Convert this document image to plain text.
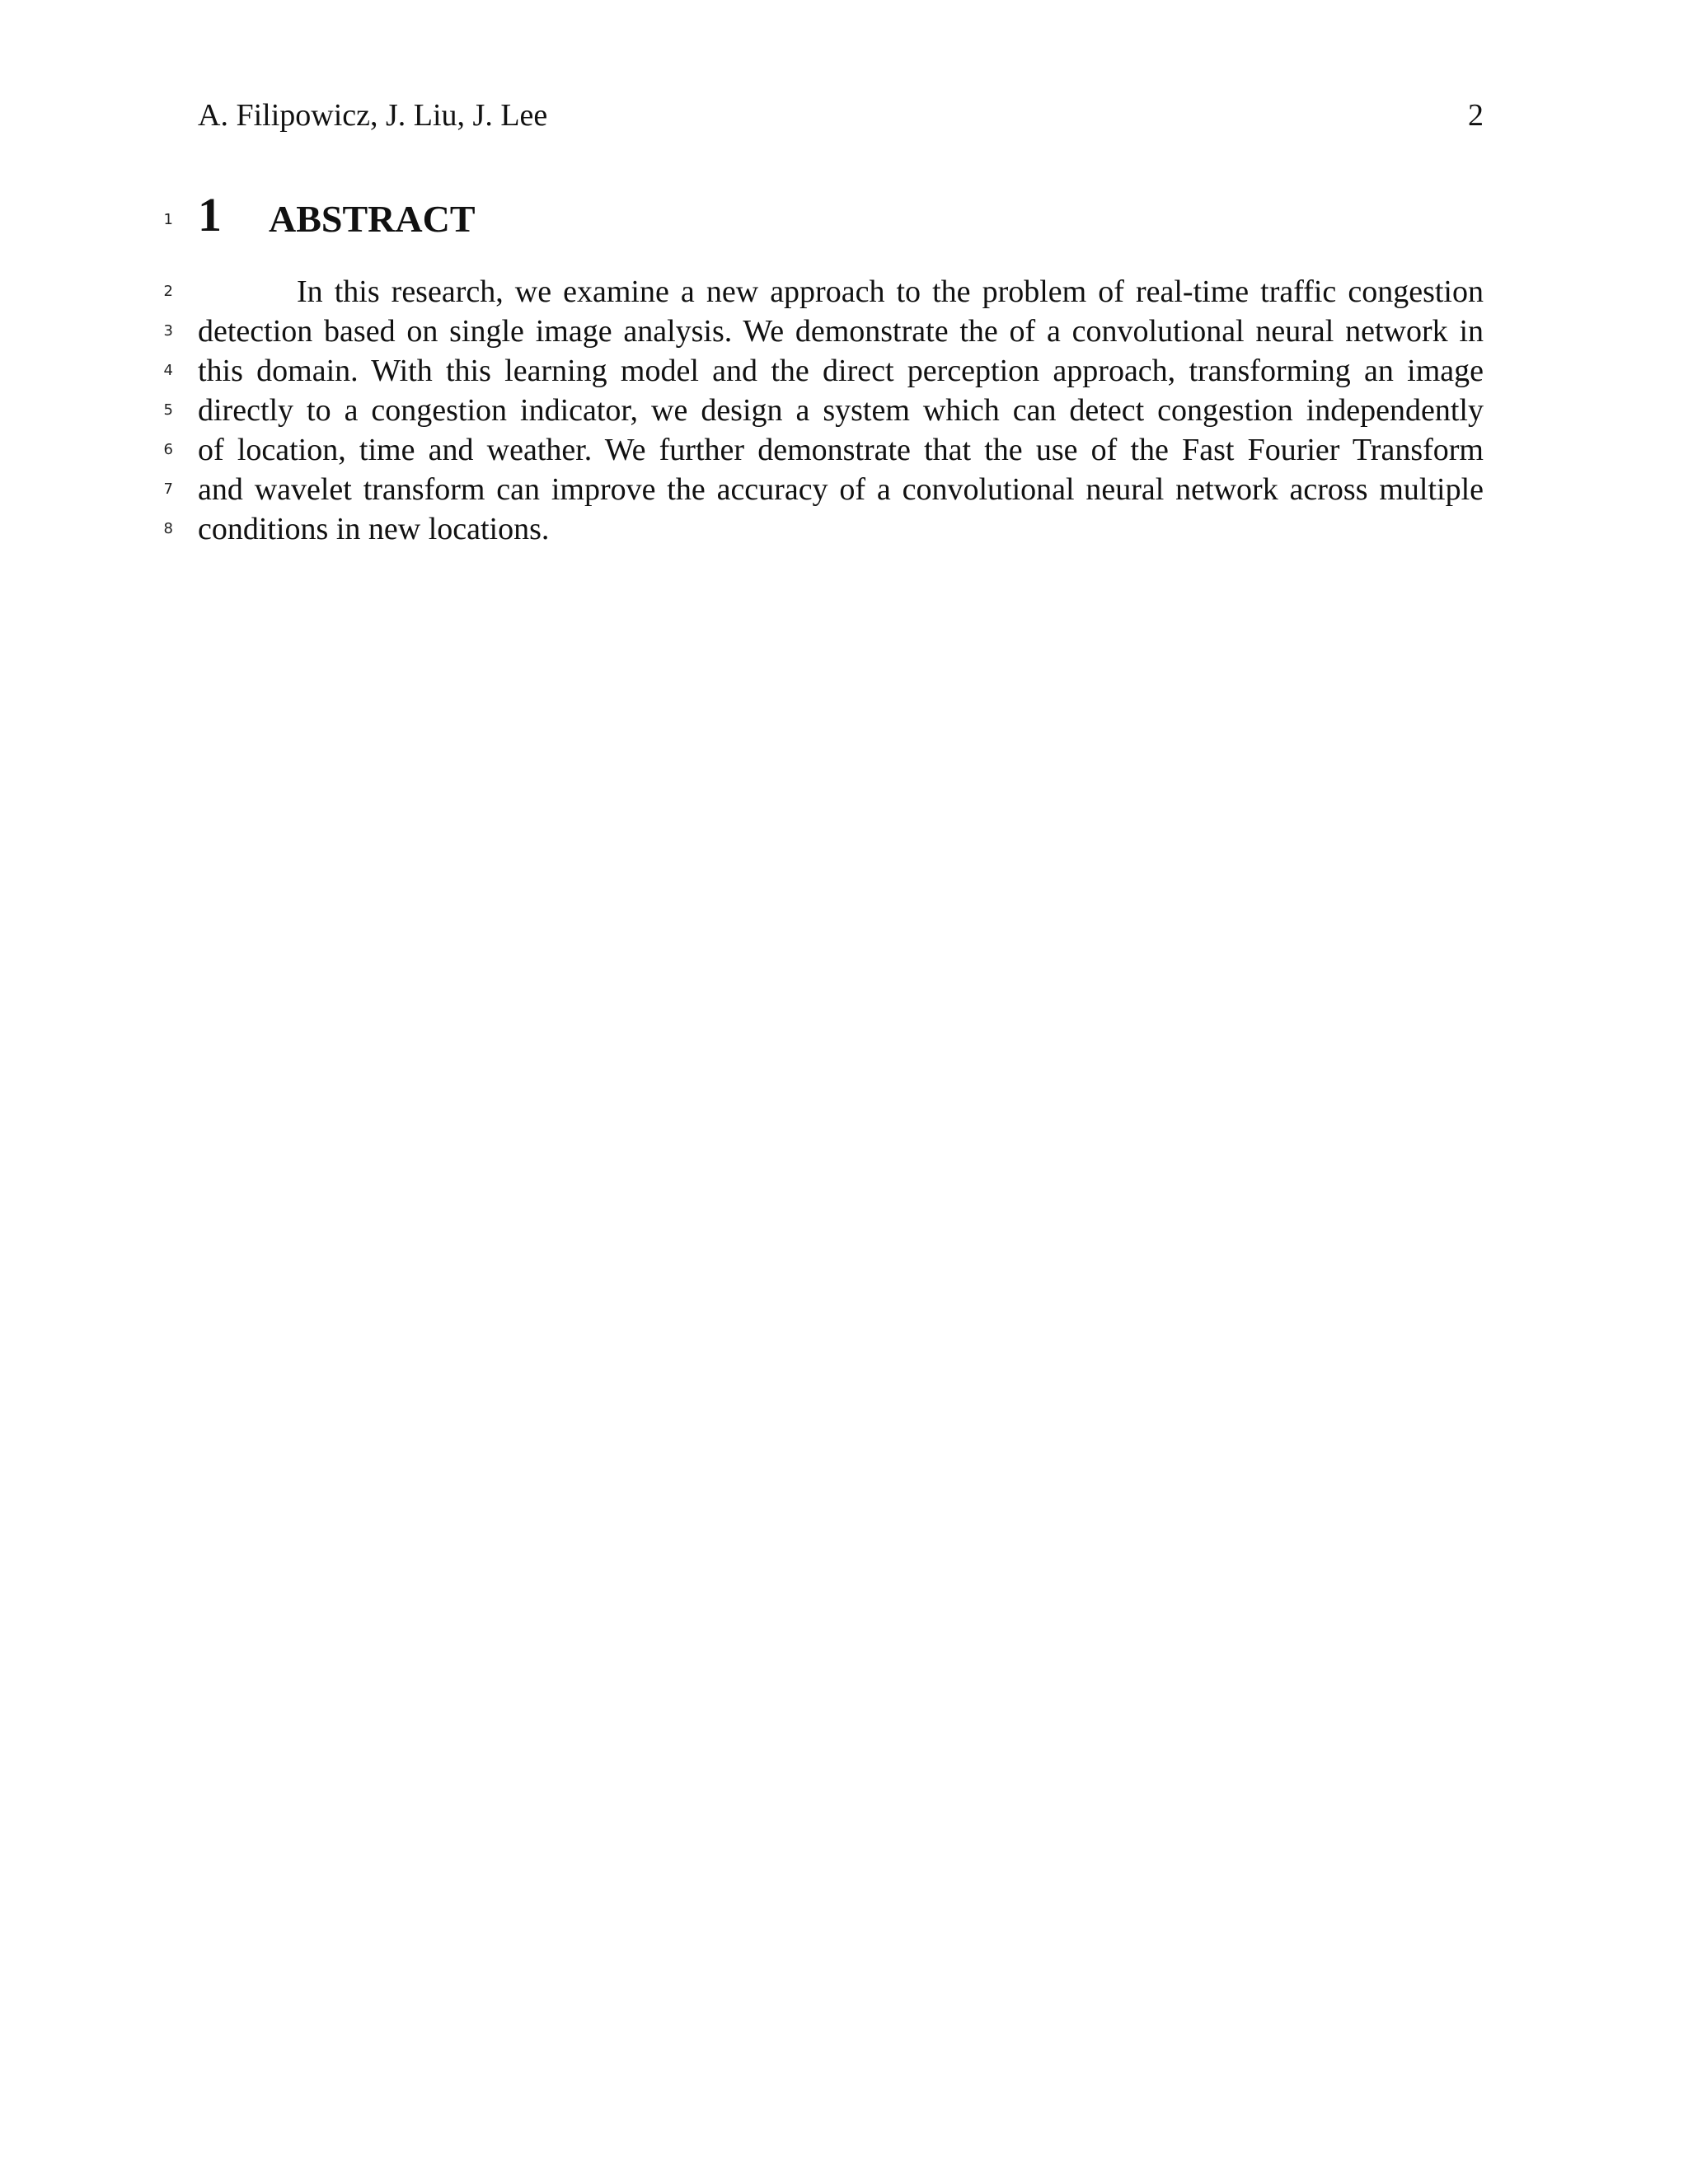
A. Filipowicz, J. Liu, J. Lee	2
1 1 ABSTRACT
2
3
4
5
6
7
8
In this research, we examine a new approach to the problem of real-time traffic congestion
detection based on single image analysis. We demonstrate the of a convolutional neural network in
this domain. With this learning model and the direct perception approach, transforming an image
directly to a congestion indicator, we design a system which can detect congestion independently
of location, time and weather. We further demonstrate that the use of the Fast Fourier Transform
and wavelet transform can improve the accuracy of a convolutional neural network across multiple
conditions in new locations.
